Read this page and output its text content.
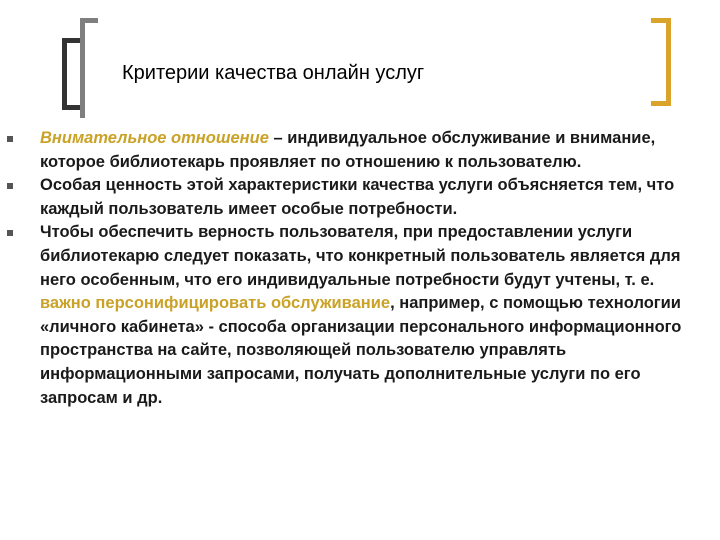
Критерии качества онлайн услуг
Внимательное отношение – индивидуальное обслуживание и внимание, которое библиотекарь проявляет по отношению к пользователю.
Особая ценность этой характеристики качества услуги объясняется тем, что каждый пользователь имеет особые потребности.
Чтобы обеспечить верность пользователя, при предоставлении услуги библиотекарю следует показать, что конкретный пользователь является для него особенным, что его индивидуальные потребности будут учтены, т. е. важно персонифицировать обслуживание, например, с помощью технологии «личного кабинета» - способа организации персонального информационного пространства на сайте, позволяющей пользователю управлять информационными запросами, получать дополнительные услуги по его запросам и др.
